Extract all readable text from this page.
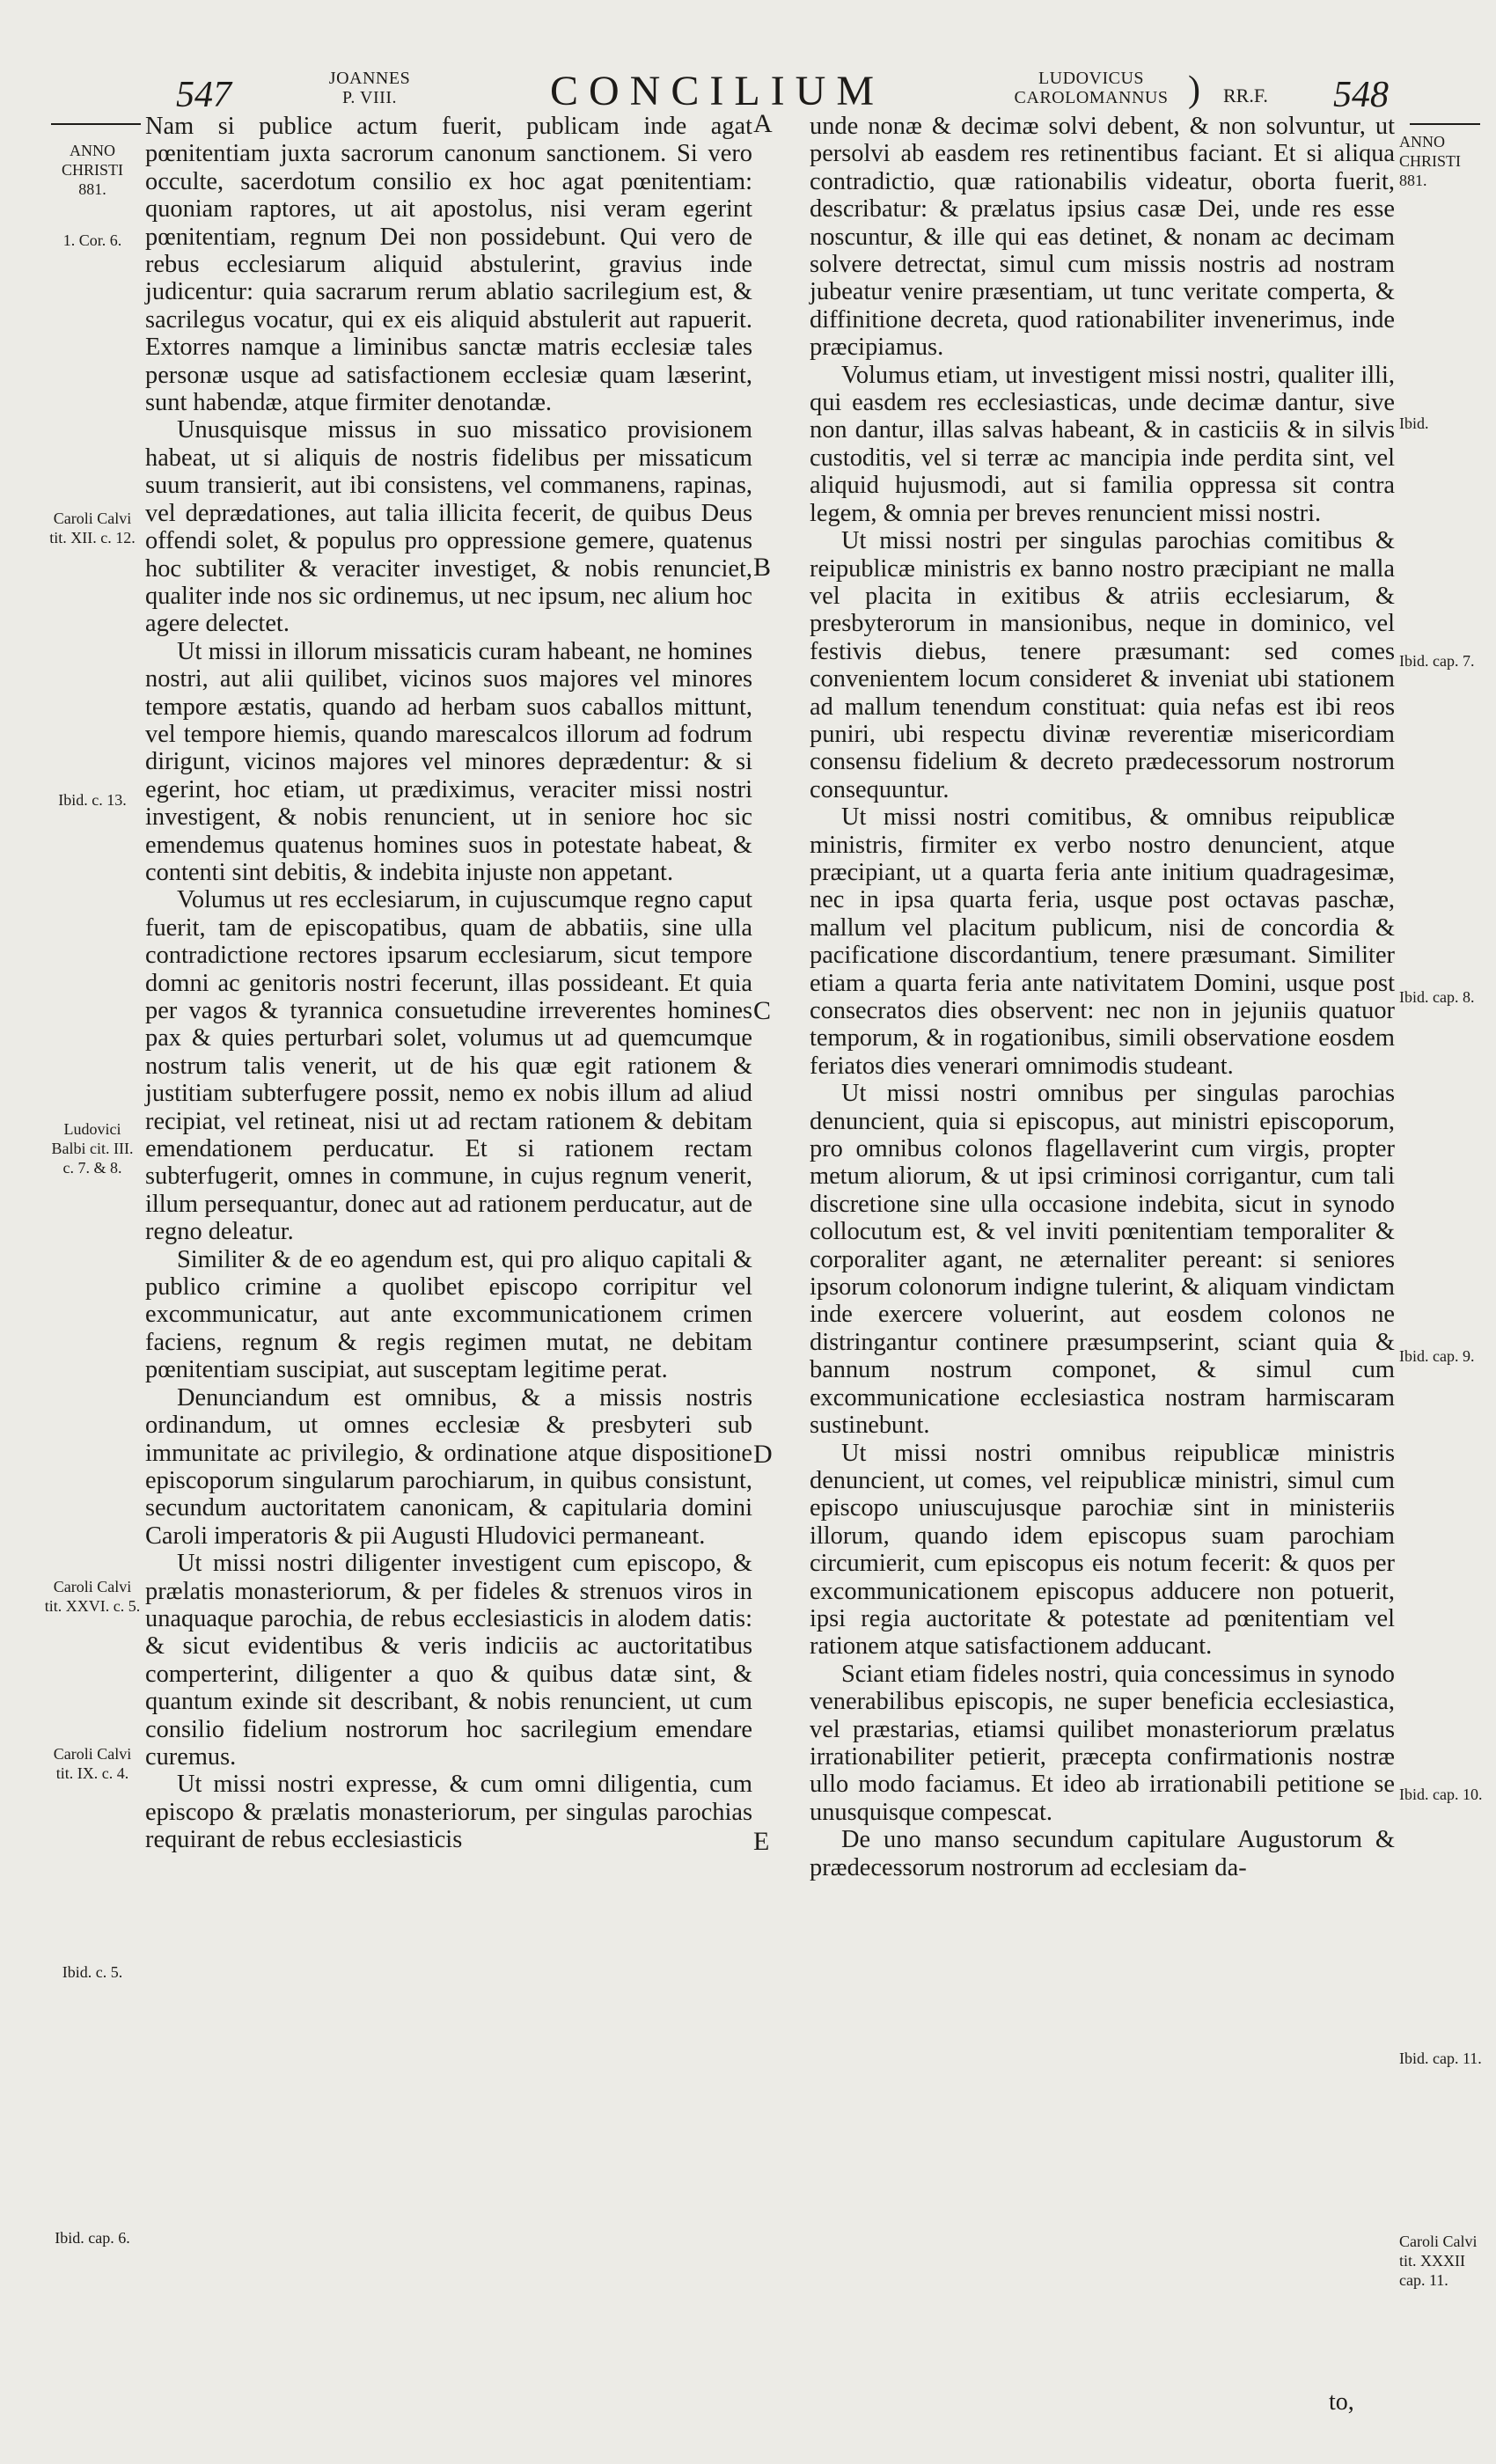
547	JOANNES
P. VIII.	CONCILIUM	LUDOVICUS
CAROLOMANNUS ) RR.F. 548
ANNO
CHRISTI
881.
1. Cor. 6.
Caroli Calvi
tit. XII. c. 12.
Ibid. c. 13.
Ludovici
Balbi cit. III.
c. 7. & 8.
Caroli Calvi
tit. XXVI. c. 5.
Caroli Calvi
tit. IX. c. 4.
Ibid. c. 5.
Ibid. cap. 6.
ANNO
CHRISTI
881.
Ibid.
Ibid. cap. 7.
Ibid. cap. 8.
Ibid. cap. 9.
Ibid. cap. 10.
Ibid. cap. 11.
Caroli Calvi
tit. XXXII
cap. 11.
A
B
C
D
E

Nam si publice actum fuerit, publicam inde agat pœnitentiam juxta sacrorum canonum sanctionem. Si vero occulte, sacerdotum consilio ex hoc agat pœnitentiam: quoniam raptores, ut ait apostolus, nisi veram egerint pœnitentiam, regnum Dei non possidebunt. Qui vero de rebus ecclesiarum aliquid abstulerint, gravius inde judicentur: quia sacrarum rerum ablatio sacrilegium est, & sacrilegus vocatur, qui ex eis aliquid abstulerit aut rapuerit. Extorres namque a liminibus sanctæ matris ecclesiæ tales personæ usque ad satisfactionem ecclesiæ quam læserint, sunt habendæ, atque firmiter denotandæ.

Unusquisque missus in suo missatico provisionem habeat, ut si aliquis de nostris fidelibus per missaticum suum transierit, aut ibi consistens, vel commanens, rapinas, vel deprædationes, aut talia illicita fecerit, de quibus Deus offendi solet, & populus pro oppressione gemere, quatenus hoc subtiliter & veraciter investiget, & nobis renunciet, qualiter inde nos sic ordinemus, ut nec ipsum, nec alium hoc agere delectet.

Ut missi in illorum missaticis curam habeant, ne homines nostri, aut alii quilibet, vicinos suos majores vel minores tempore æstatis, quando ad herbam suos caballos mittunt, vel tempore hiemis, quando marescalcos illorum ad fodrum dirigunt, vicinos majores vel minores deprædentur: & si egerint, hoc etiam, ut prædiximus, veraciter missi nostri investigent, & nobis renuncient, ut in seniore hoc sic emendemus quatenus homines suos in potestate habeat, & contenti sint debitis, & indebita injuste non appetant.

Volumus ut res ecclesiarum, in cujuscumque regno caput fuerit, tam de episcopatibus, quam de abbatiis, sine ulla contradictione rectores ipsarum ecclesiarum, sicut tempore domni ac genitoris nostri fecerunt, illas possideant. Et quia per vagos & tyrannica consuetudine irreverentes homines pax & quies perturbari solet, volumus ut ad quemcumque nostrum talis venerit, ut de his quæ egit rationem & justitiam subterfugere possit, nemo ex nobis illum ad aliud recipiat, vel retineat, nisi ut ad rectam rationem & debitam emendationem perducatur. Et si rationem rectam subterfugerit, omnes in commune, in cujus regnum venerit, illum persequantur, donec aut ad rationem perducatur, aut de regno deleatur.

Similiter & de eo agendum est, qui pro aliquo capitali & publico crimine a quolibet episcopo corripitur vel excommunicatur, aut ante excommunicationem crimen faciens, regnum & regis regimen mutat, ne debitam pœnitentiam suscipiat, aut susceptam legitime perat.

Denunciandum est omnibus, & a missis nostris ordinandum, ut omnes ecclesiæ & presbyteri sub immunitate ac privilegio, & ordinatione atque dispositione episcoporum singularum parochiarum, in quibus consistunt, secundum auctoritatem canonicam, & capitularia domini Caroli imperatoris & pii Augusti Hludovici permaneant.

Ut missi nostri diligenter investigent cum episcopo, & prælatis monasteriorum, & per fideles & strenuos viros in unaquaque parochia, de rebus ecclesiasticis in alodem datis: & sicut evidentibus & veris indiciis ac auctoritatibus comperterint, diligenter a quo & quibus datæ sint, & quantum exinde sit describant, & nobis renuncient, ut cum consilio fidelium nostrorum hoc sacrilegium emendare curemus.

Ut missi nostri expresse, & cum omni diligentia, cum episcopo & prælatis monasteriorum, per singulas parochias requirant de rebus ecclesiasticis

unde nonæ & decimæ solvi debent, & non solvuntur, ut persolvi ab easdem res retinentibus faciant. Et si aliqua contradictio, quæ rationabilis videatur, oborta fuerit, describatur: & prælatus ipsius casæ Dei, unde res esse noscuntur, & ille qui eas detinet, & nonam ac decimam solvere detrectat, simul cum missis nostris ad nostram jubeatur venire præsentiam, ut tunc veritate comperta, & diffinitione decreta, quod rationabiliter invenerimus, inde præcipiamus.

Volumus etiam, ut investigent missi nostri, qualiter illi, qui easdem res ecclesiasticas, unde decimæ dantur, sive non dantur, illas salvas habeant, & in casticiis & in silvis custoditis, vel si terræ ac mancipia inde perdita sint, vel aliquid hujusmodi, aut si familia oppressa sit contra legem, & omnia per breves renuncient missi nostri.

Ut missi nostri per singulas parochias comitibus & reipublicæ ministris ex banno nostro præcipiant ne malla vel placita in exitibus & atriis ecclesiarum, & presbyterorum in mansionibus, neque in dominico, vel festivis diebus, tenere præsumant: sed comes convenientem locum consideret & inveniat ubi stationem ad mallum tenendum constituat: quia nefas est ibi reos puniri, ubi respectu divinæ reverentiæ misericordiam consensu fidelium & decreto prædecessorum nostrorum consequuntur.

Ut missi nostri comitibus, & omnibus reipublicæ ministris, firmiter ex verbo nostro denuncient, atque præcipiant, ut a quarta feria ante initium quadragesimæ, nec in ipsa quarta feria, usque post octavas paschæ, mallum vel placitum publicum, nisi de concordia & pacificatione discordantium, tenere præsumant. Similiter etiam a quarta feria ante nativitatem Domini, usque post consecratos dies observent: nec non in jejuniis quatuor temporum, & in rogationibus, simili observatione eosdem feriatos dies venerari omnimodis studeant.

Ut missi nostri omnibus per singulas parochias denuncient, quia si episcopus, aut ministri episcoporum, pro omnibus colonos flagellaverint cum virgis, propter metum aliorum, & ut ipsi criminosi corrigantur, cum tali discretione sine ulla occasione indebita, sicut in synodo collocutum est, & vel inviti pœnitentiam temporaliter & corporaliter agant, ne æternaliter pereant: si seniores ipsorum colonorum indigne tulerint, & aliquam vindictam inde exercere voluerint, aut eosdem colonos ne distringantur continere præsumpserint, sciant quia & bannum nostrum componet, & simul cum excommunicatione ecclesiastica nostram harmiscaram sustinebunt.

Ut missi nostri omnibus reipublicæ ministris denuncient, ut comes, vel reipublicæ ministri, simul cum episcopo uniuscujusque parochiæ sint in ministeriis illorum, quando idem episcopus suam parochiam circumierit, cum episcopus eis notum fecerit: & quos per excommunicationem episcopus adducere non potuerit, ipsi regia auctoritate & potestate ad pœnitentiam vel rationem atque satisfactionem adducant.

Sciant etiam fideles nostri, quia concessimus in synodo venerabilibus episcopis, ne super beneficia ecclesiastica, vel præstarias, etiamsi quilibet monasteriorum prælatus irrationabiliter petierit, præcepta confirmationis nostræ ullo modo faciamus. Et ideo ab irrationabili petitione se unusquisque compescat.

De uno manso secundum capitulare Augustorum & prædecessorum nostrorum ad ecclesiam da-

to,
